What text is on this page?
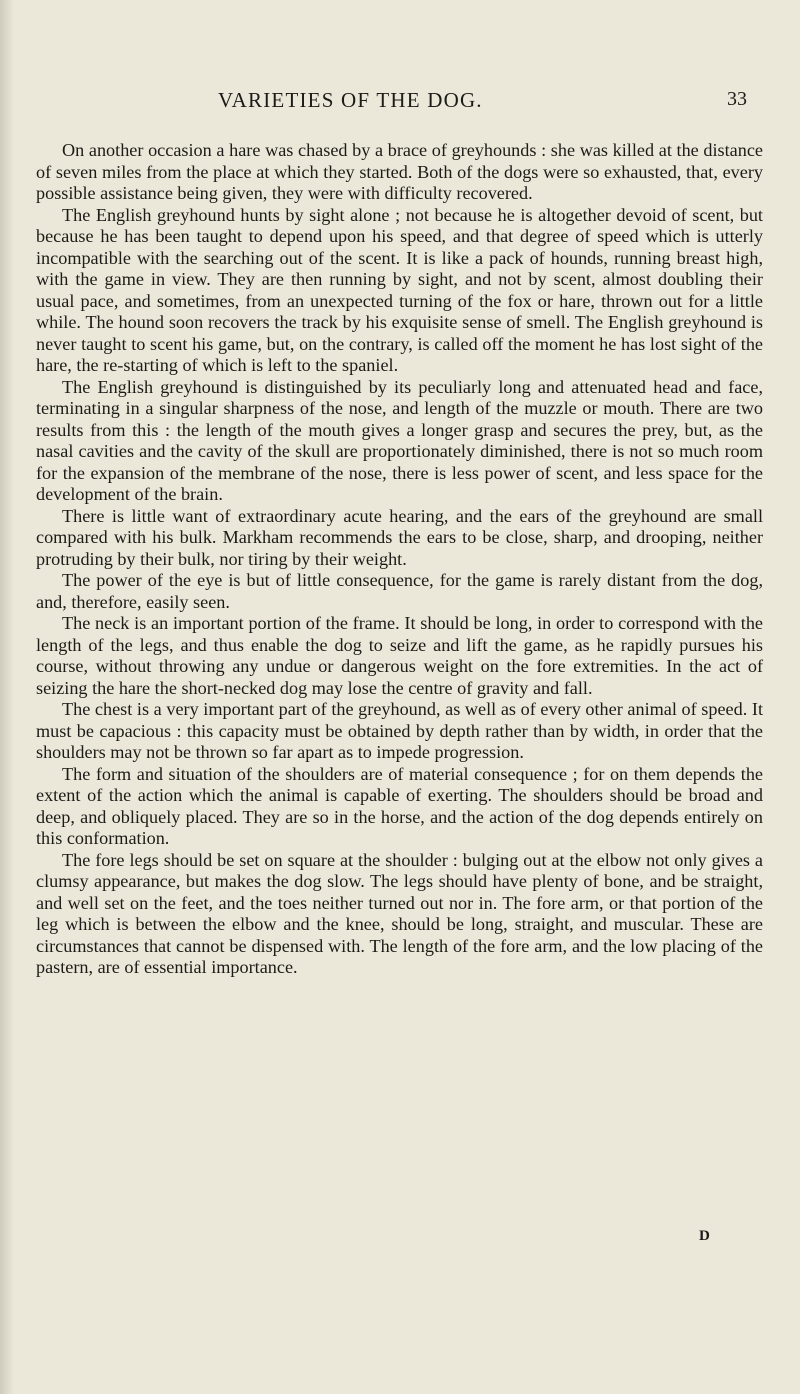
VARIETIES OF THE DOG.	33

On another occasion a hare was chased by a brace of greyhounds : she was killed at the distance of seven miles from the place at which they started. Both of the dogs were so exhausted, that, every possible assistance being given, they were with difficulty recovered.

The English greyhound hunts by sight alone ; not because he is altogether devoid of scent, but because he has been taught to depend upon his speed, and that degree of speed which is utterly incompatible with the searching out of the scent. It is like a pack of hounds, running breast high, with the game in view. They are then running by sight, and not by scent, almost doubling their usual pace, and sometimes, from an unexpected turning of the fox or hare, thrown out for a little while. The hound soon recovers the track by his exquisite sense of smell. The English greyhound is never taught to scent his game, but, on the contrary, is called off the moment he has lost sight of the hare, the re-starting of which is left to the spaniel.

The English greyhound is distinguished by its peculiarly long and attenuated head and face, terminating in a singular sharpness of the nose, and length of the muzzle or mouth. There are two results from this : the length of the mouth gives a longer grasp and secures the prey, but, as the nasal cavities and the cavity of the skull are proportionately diminished, there is not so much room for the expansion of the membrane of the nose, there is less power of scent, and less space for the development of the brain.

There is little want of extraordinary acute hearing, and the ears of the greyhound are small compared with his bulk. Markham recommends the ears to be close, sharp, and drooping, neither protruding by their bulk, nor tiring by their weight.

The power of the eye is but of little consequence, for the game is rarely distant from the dog, and, therefore, easily seen.

The neck is an important portion of the frame. It should be long, in order to correspond with the length of the legs, and thus enable the dog to seize and lift the game, as he rapidly pursues his course, without throwing any undue or dangerous weight on the fore extremities. In the act of seizing the hare the short-necked dog may lose the centre of gravity and fall.

The chest is a very important part of the greyhound, as well as of every other animal of speed. It must be capacious : this capacity must be obtained by depth rather than by width, in order that the shoulders may not be thrown so far apart as to impede progression.

The form and situation of the shoulders are of material consequence ; for on them depends the extent of the action which the animal is capable of exerting. The shoulders should be broad and deep, and obliquely placed. They are so in the horse, and the action of the dog depends entirely on this conformation.

The fore legs should be set on square at the shoulder : bulging out at the elbow not only gives a clumsy appearance, but makes the dog slow. The legs should have plenty of bone, and be straight, and well set on the feet, and the toes neither turned out nor in. The fore arm, or that portion of the leg which is between the elbow and the knee, should be long, straight, and muscular. These are circumstances that cannot be dispensed with. The length of the fore arm, and the low placing of the pastern, are of essential importance.

D
